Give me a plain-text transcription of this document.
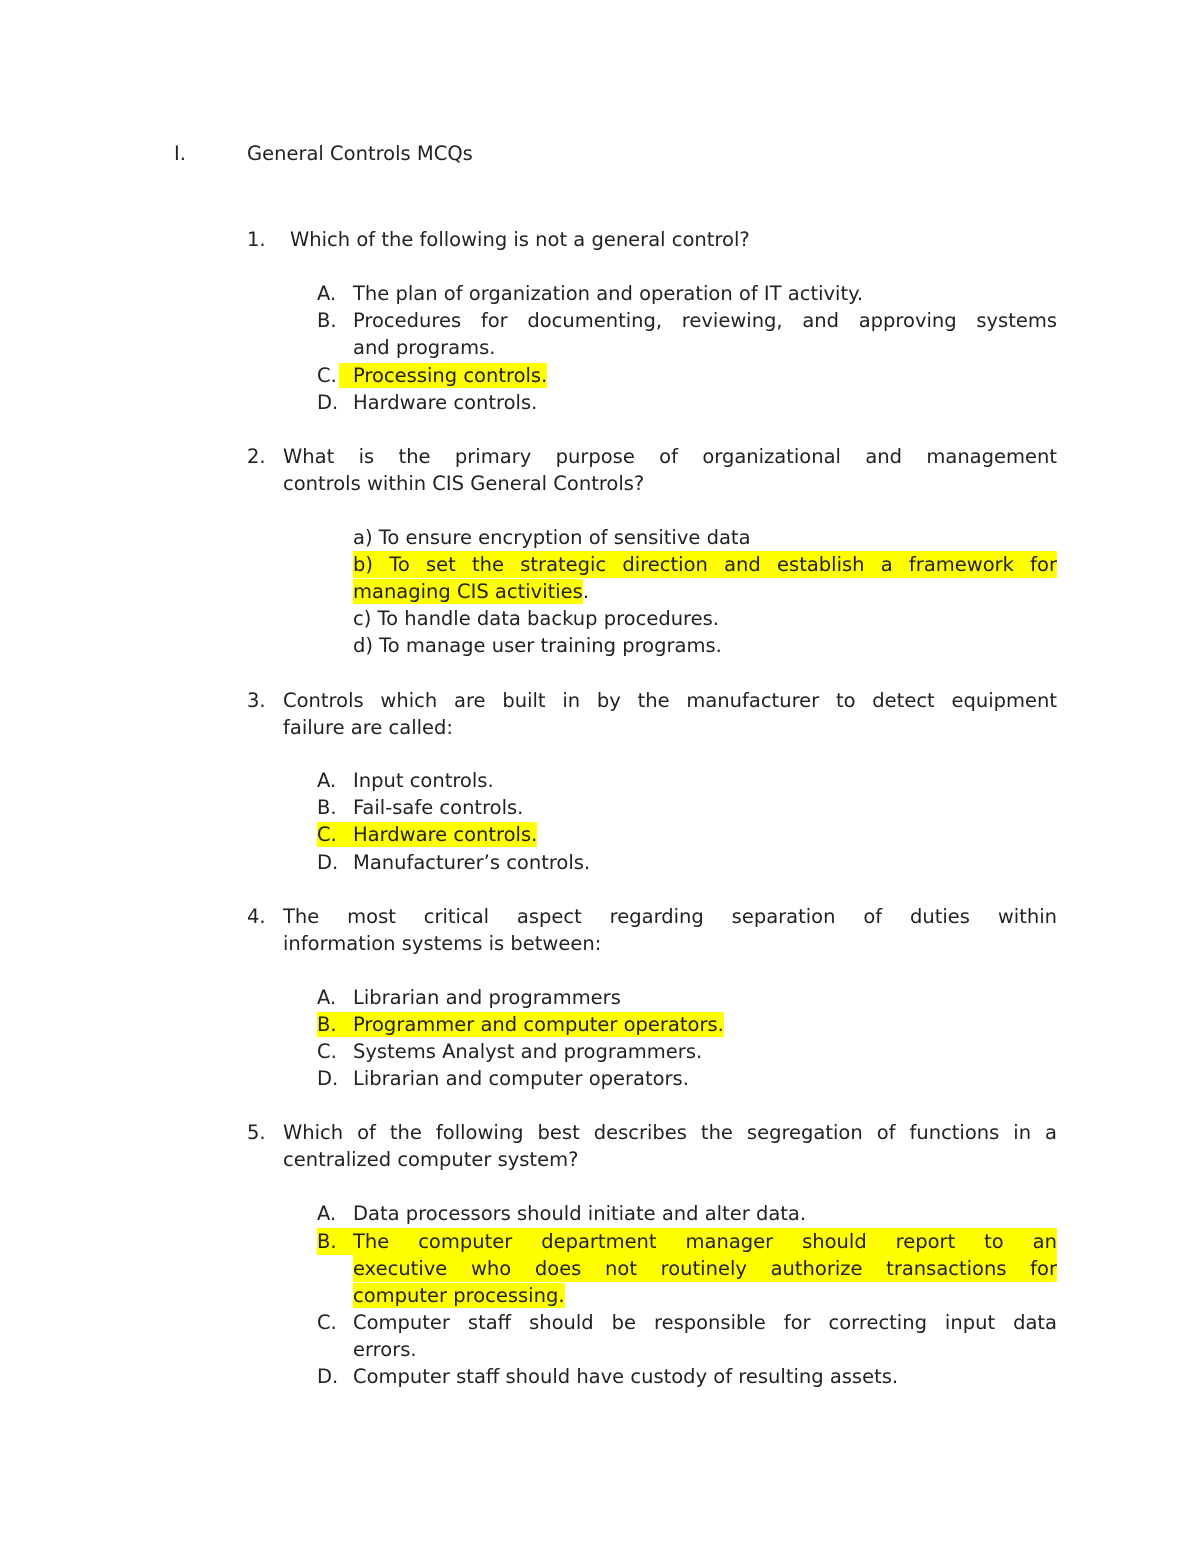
I.	General Controls MCQs
1. Which of the following is not a general control?
A. The plan of organization and operation of IT activity.
B. Procedures for documenting, reviewing, and approving systems
and programs.
C. Processing controls.
D. Hardware controls.
2. What is the primary purpose of organizational and management
controls within CIS General Controls?
a) To ensure encryption of sensitive data
b) To set the strategic direction and establish a framework for
managing CIS activities.
c) To handle data backup procedures.
d) To manage user training programs.
3. Controls which are built in by the manufacturer to detect equipment
failure are called:
A. Input controls.
B. Fail-safe controls.
C. Hardware controls.
D. Manufacturer’s controls.
4. The most critical aspect regarding separation of duties within
information systems is between:
A. Librarian and programmers
B. Programmer and computer operators.
C. Systems Analyst and programmers.
D. Librarian and computer operators.
5. Which of the following best describes the segregation of functions in a
centralized computer system?
A. Data processors should initiate and alter data.
B. The computer department manager should report to an
executive who does not routinely authorize transactions for
computer processing.
C. Computer staff should be responsible for correcting input data
errors.
D. Computer staff should have custody of resulting assets.
